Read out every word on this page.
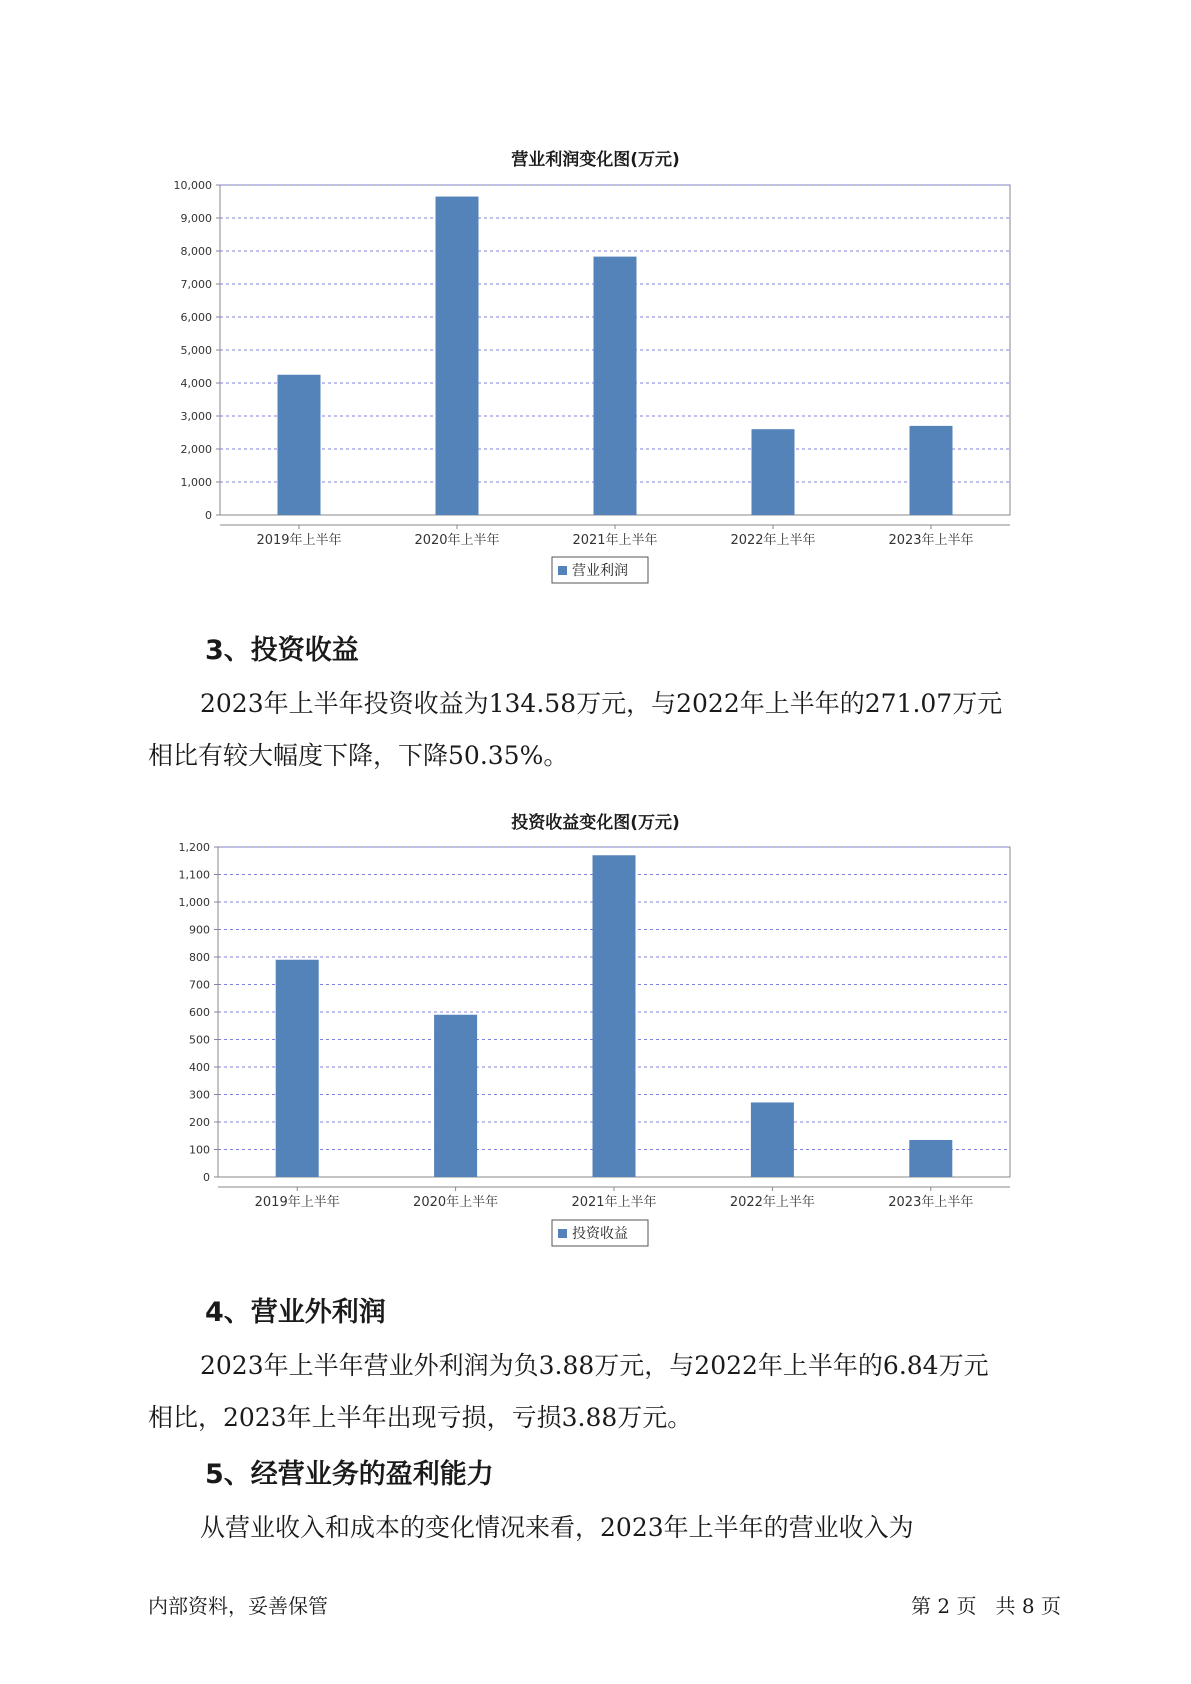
营业利润变化图(万元)
0
1,000
2,000
3,000
4,000
5,000
6,000
7,000
8,000
9,000
10,000
2019年上半年	2020年上半年	2021年上半年	2022年上半年	2023年上半年
营业利润
投资收益变化图(万元)
0
100
200
300
400
500
600
700
800
900
1,000
1,100
1,200
2019年上半年	2020年上半年	2021年上半年	2022年上半年	2023年上半年
投资收益
3、投资收益
2023年上半年投资收益为134.58万元，与2022年上半年的271.07万元
相比有较大幅度下降，下降50.35%。
4、营业外利润
2023年上半年营业外利润为负3.88万元，与2022年上半年的6.84万元
相比，2023年上半年出现亏损，亏损3.88万元。
5、经营业务的盈利能力
从营业收入和成本的变化情况来看，2023年上半年的营业收入为
内部资料，妥善保管	第 2 页   共 8 页
